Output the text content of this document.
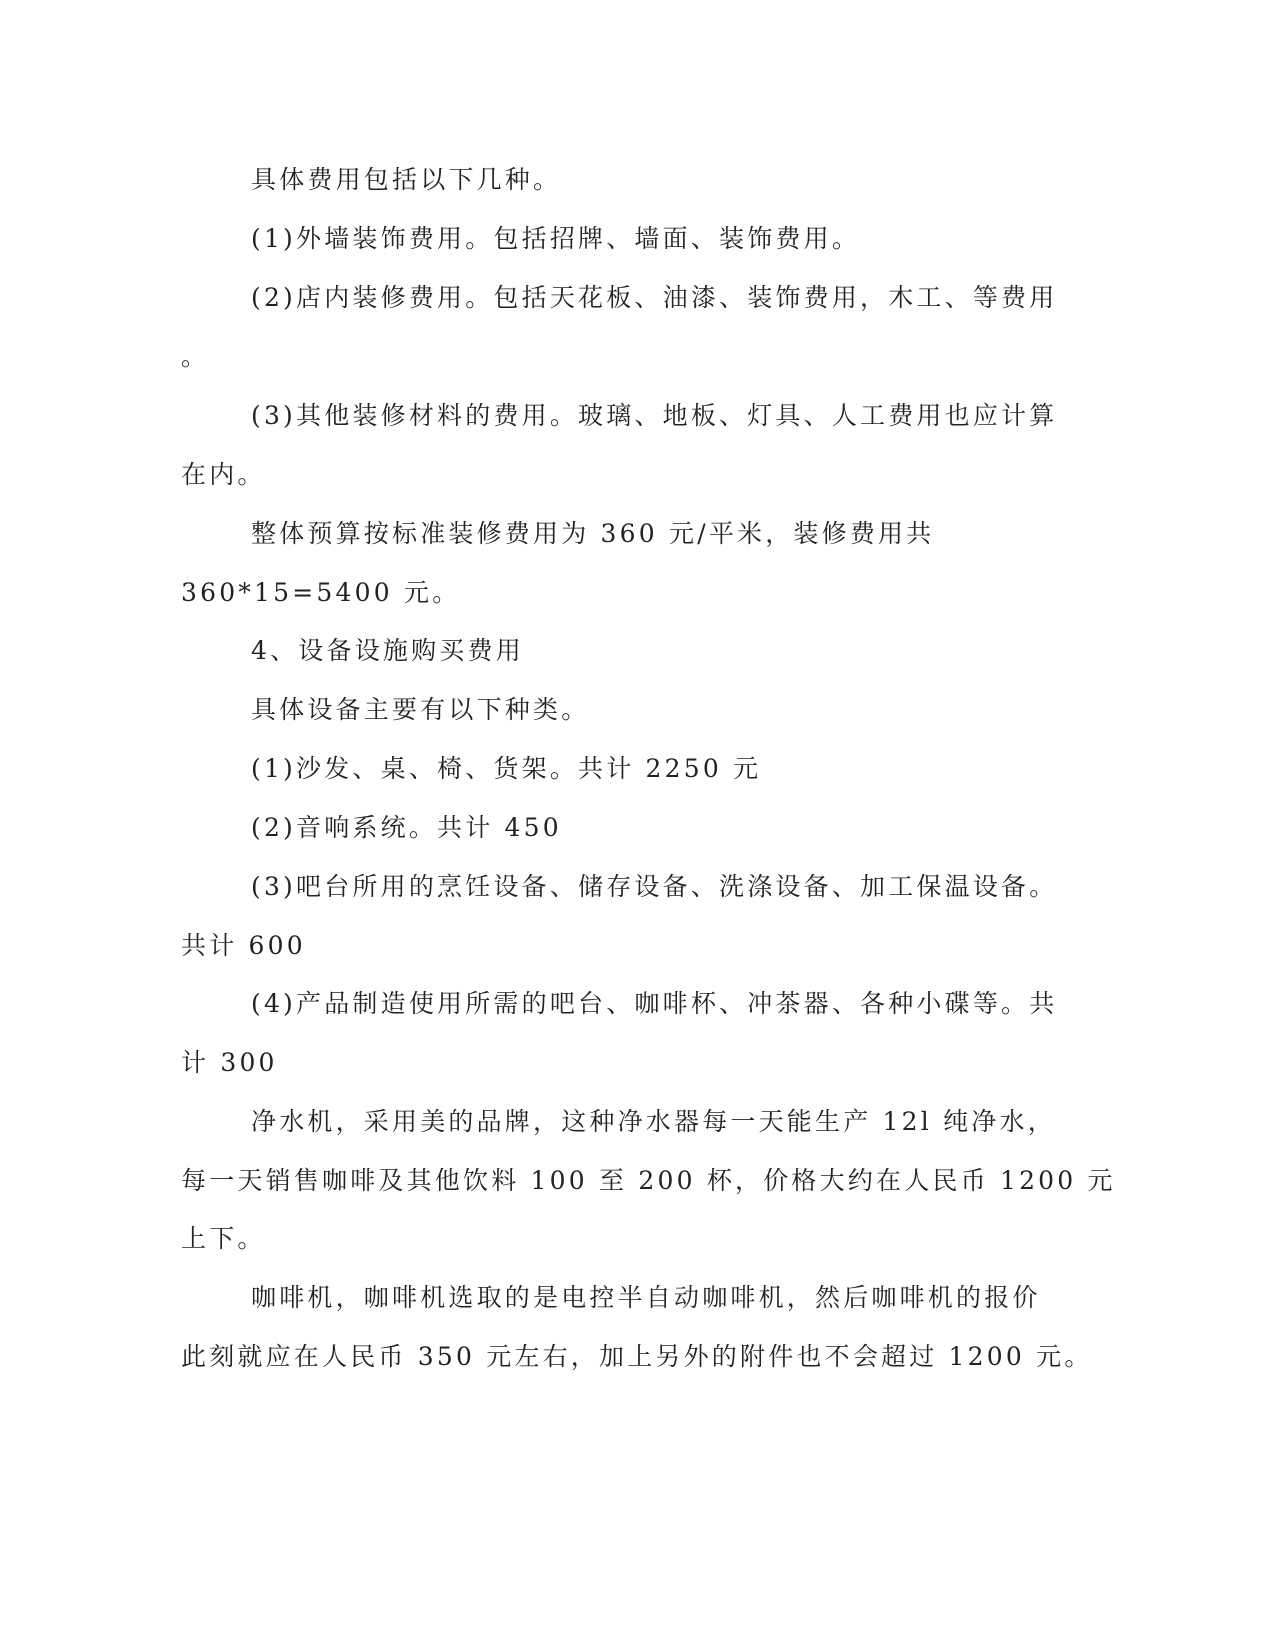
具体费用包括以下几种。
(1)外墙装饰费用。包括招牌、墙面、装饰费用。
(2)店内装修费用。包括天花板、油漆、装饰费用，木工、等费用
。
(3)其他装修材料的费用。玻璃、地板、灯具、人工费用也应计算
在内。
整体预算按标准装修费用为 360 元/平米，装修费用共
360*15=5400 元。
4、设备设施购买费用
具体设备主要有以下种类。
(1)沙发、桌、椅、货架。共计 2250 元
(2)音响系统。共计 450
(3)吧台所用的烹饪设备、储存设备、洗涤设备、加工保温设备。
共计 600
(4)产品制造使用所需的吧台、咖啡杯、冲茶器、各种小碟等。共
计 300
净水机，采用美的品牌，这种净水器每一天能生产 12l 纯净水，
每一天销售咖啡及其他饮料 100 至 200 杯，价格大约在人民币 1200 元
上下。
咖啡机，咖啡机选取的是电控半自动咖啡机，然后咖啡机的报价
此刻就应在人民币 350 元左右，加上另外的附件也不会超过 1200 元。
